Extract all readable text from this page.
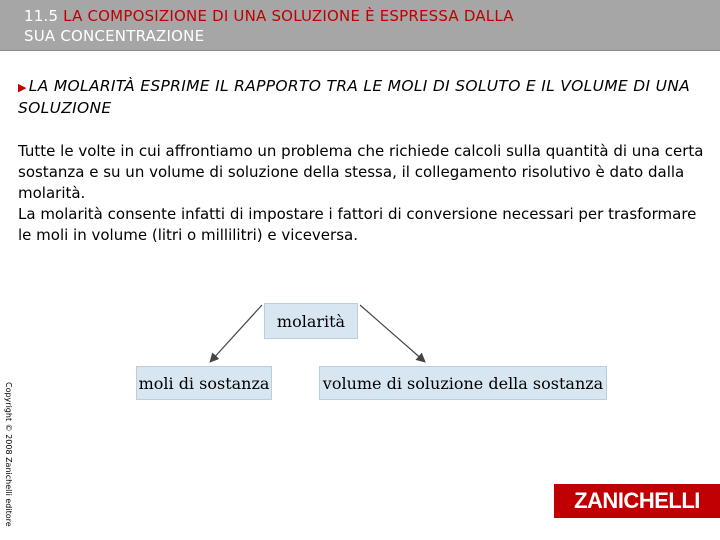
11.5 LA COMPOSIZIONE DI UNA SOLUZIONE È ESPRESSA DALLA
SUA CONCENTRAZIONE
▶ LA MOLARITÀ ESPRIME IL RAPPORTO TRA LE MOLI DI SOLUTO E IL VOLUME DI UNA SOLUZIONE

Tutte le volte in cui affrontiamo un problema che richiede calcoli sulla quantità di una certa sostanza e su un volume di soluzione della stessa, il collegamento risolutivo è dato dalla molarità.

La molarità consente infatti di impostare i fattori di conversione necessari per trasformare le moli in volume (litri o millilitri) e viceversa.

molarità
moli di sostanza	volume di soluzione della sostanza
Copyright © 2008 Zanichelli editore	ZANICHELLI
